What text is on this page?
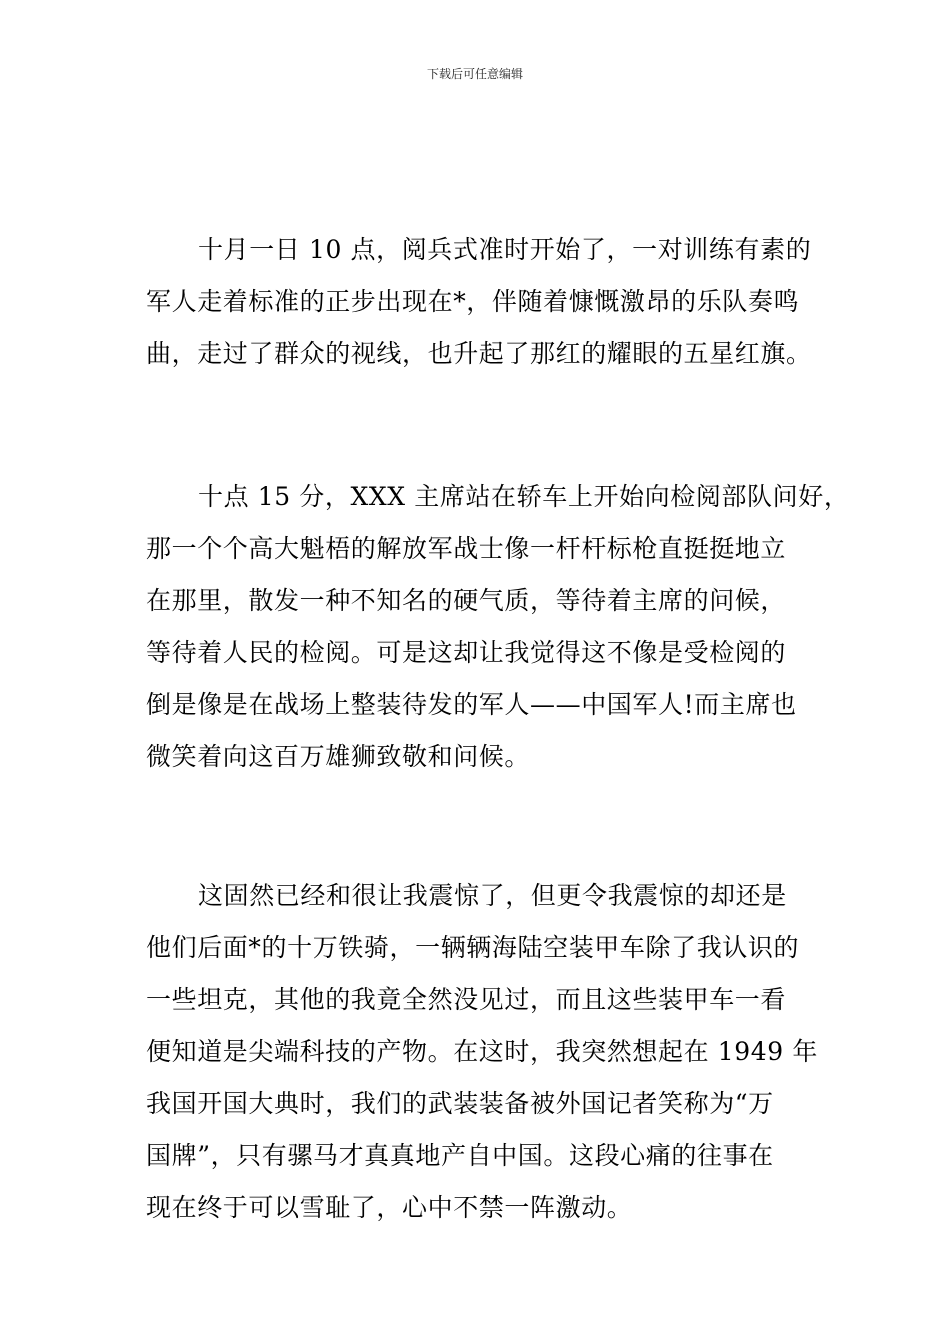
下载后可任意编辑
十月一日 10 点，阅兵式准时开始了，一对训练有素的
军人走着标准的正步出现在*，伴随着慷慨激昂的乐队奏鸣
曲，走过了群众的视线，也升起了那红的耀眼的五星红旗。
十点 15 分，XXX 主席站在轿车上开始向检阅部队问好，
那一个个高大魁梧的解放军战士像一杆杆标枪直挺挺地立
在那里，散发一种不知名的硬气质，等待着主席的问候，
等待着人民的检阅。可是这却让我觉得这不像是受检阅的
倒是像是在战场上整装待发的军人——中国军人!而主席也
微笑着向这百万雄狮致敬和问候。
这固然已经和很让我震惊了，但更令我震惊的却还是
他们后面*的十万铁骑，一辆辆海陆空装甲车除了我认识的
一些坦克，其他的我竟全然没见过，而且这些装甲车一看
便知道是尖端科技的产物。在这时，我突然想起在 1949 年
我国开国大典时，我们的武装装备被外国记者笑称为“万
国牌”，只有骡马才真真地产自中国。这段心痛的往事在
现在终于可以雪耻了，心中不禁一阵激动。
